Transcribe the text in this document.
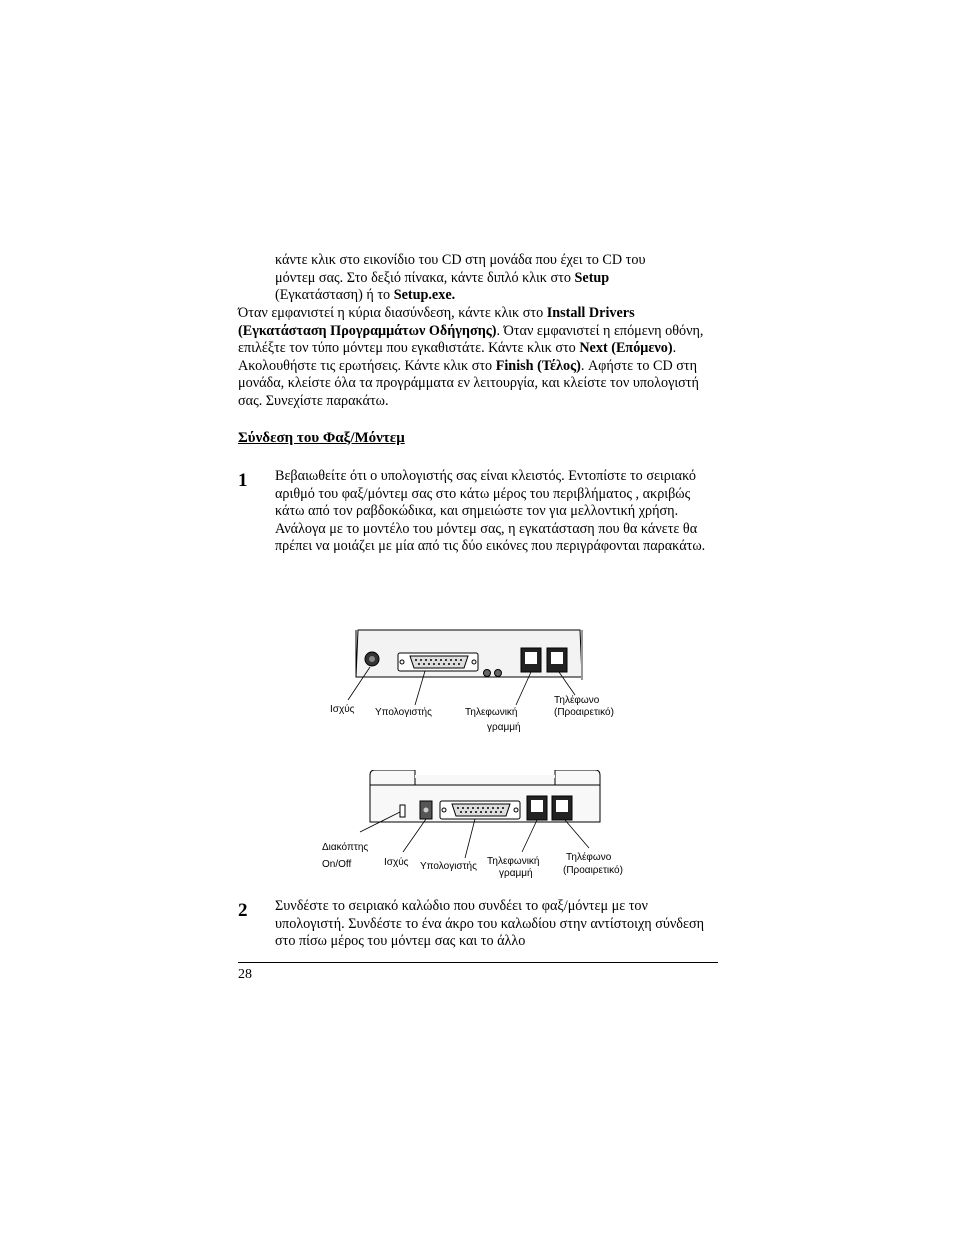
κάντε κλικ στο εικονίδιο του CD στη μονάδα που έχει το CD του
μόντεμ σας. Στο δεξιό πίνακα, κάντε διπλό κλικ στο Setup
(Εγκατάσταση) ή το Setup.exe.

Όταν εμφανιστεί η κύρια διασύνδεση, κάντε κλικ στο Install Drivers (Εγκατάσταση Προγραμμάτων Οδήγησης). Όταν εμφανιστεί η επόμενη οθόνη, επιλέξτε τον τύπο μόντεμ που εγκαθιστάτε. Κάντε κλικ στο Next (Επόμενο). Ακολουθήστε τις ερωτήσεις. Κάντε κλικ στο Finish (Τέλος). Αφήστε το CD στη μονάδα, κλείστε όλα τα προγράμματα εν λειτουργία, και κλείστε τον υπολογιστή σας. Συνεχίστε παρακάτω.

Σύνδεση του Φαξ/Μόντεμ
1 Βεβαιωθείτε ότι ο υπολογιστής σας είναι κλειστός. Εντοπίστε το σειριακό αριθμό του φαξ/μόντεμ σας στο κάτω μέρος του περιβλήματος , ακριβώς κάτω από τον ραβδοκώδικα, και σημειώστε τον για μελλοντική χρήση.
Ανάλογα με το μοντέλο του μόντεμ σας, η εγκατάσταση που θα κάνετε θα πρέπει να μοιάζει με μία από τις δύο εικόνες που περιγράφονται παρακάτω.

Ισχύς Υπολογιστής	Τηλεφωνική
γραμμή
Τηλέφωνο
(Προαιρετικό)
Διακόπτης
On/Off	Ισχύς Υπολογιστής Τηλεφωνική
γραμμή
Τηλέφωνο
(Προαιρετικό)
2 Συνδέστε το σειριακό καλώδιο που συνδέει το φαξ/μόντεμ με τον υπολογιστή. Συνδέστε το ένα άκρο του καλωδίου στην αντίστοιχη σύνδεση στο πίσω μέρος του μόντεμ σας και το άλλο

28
